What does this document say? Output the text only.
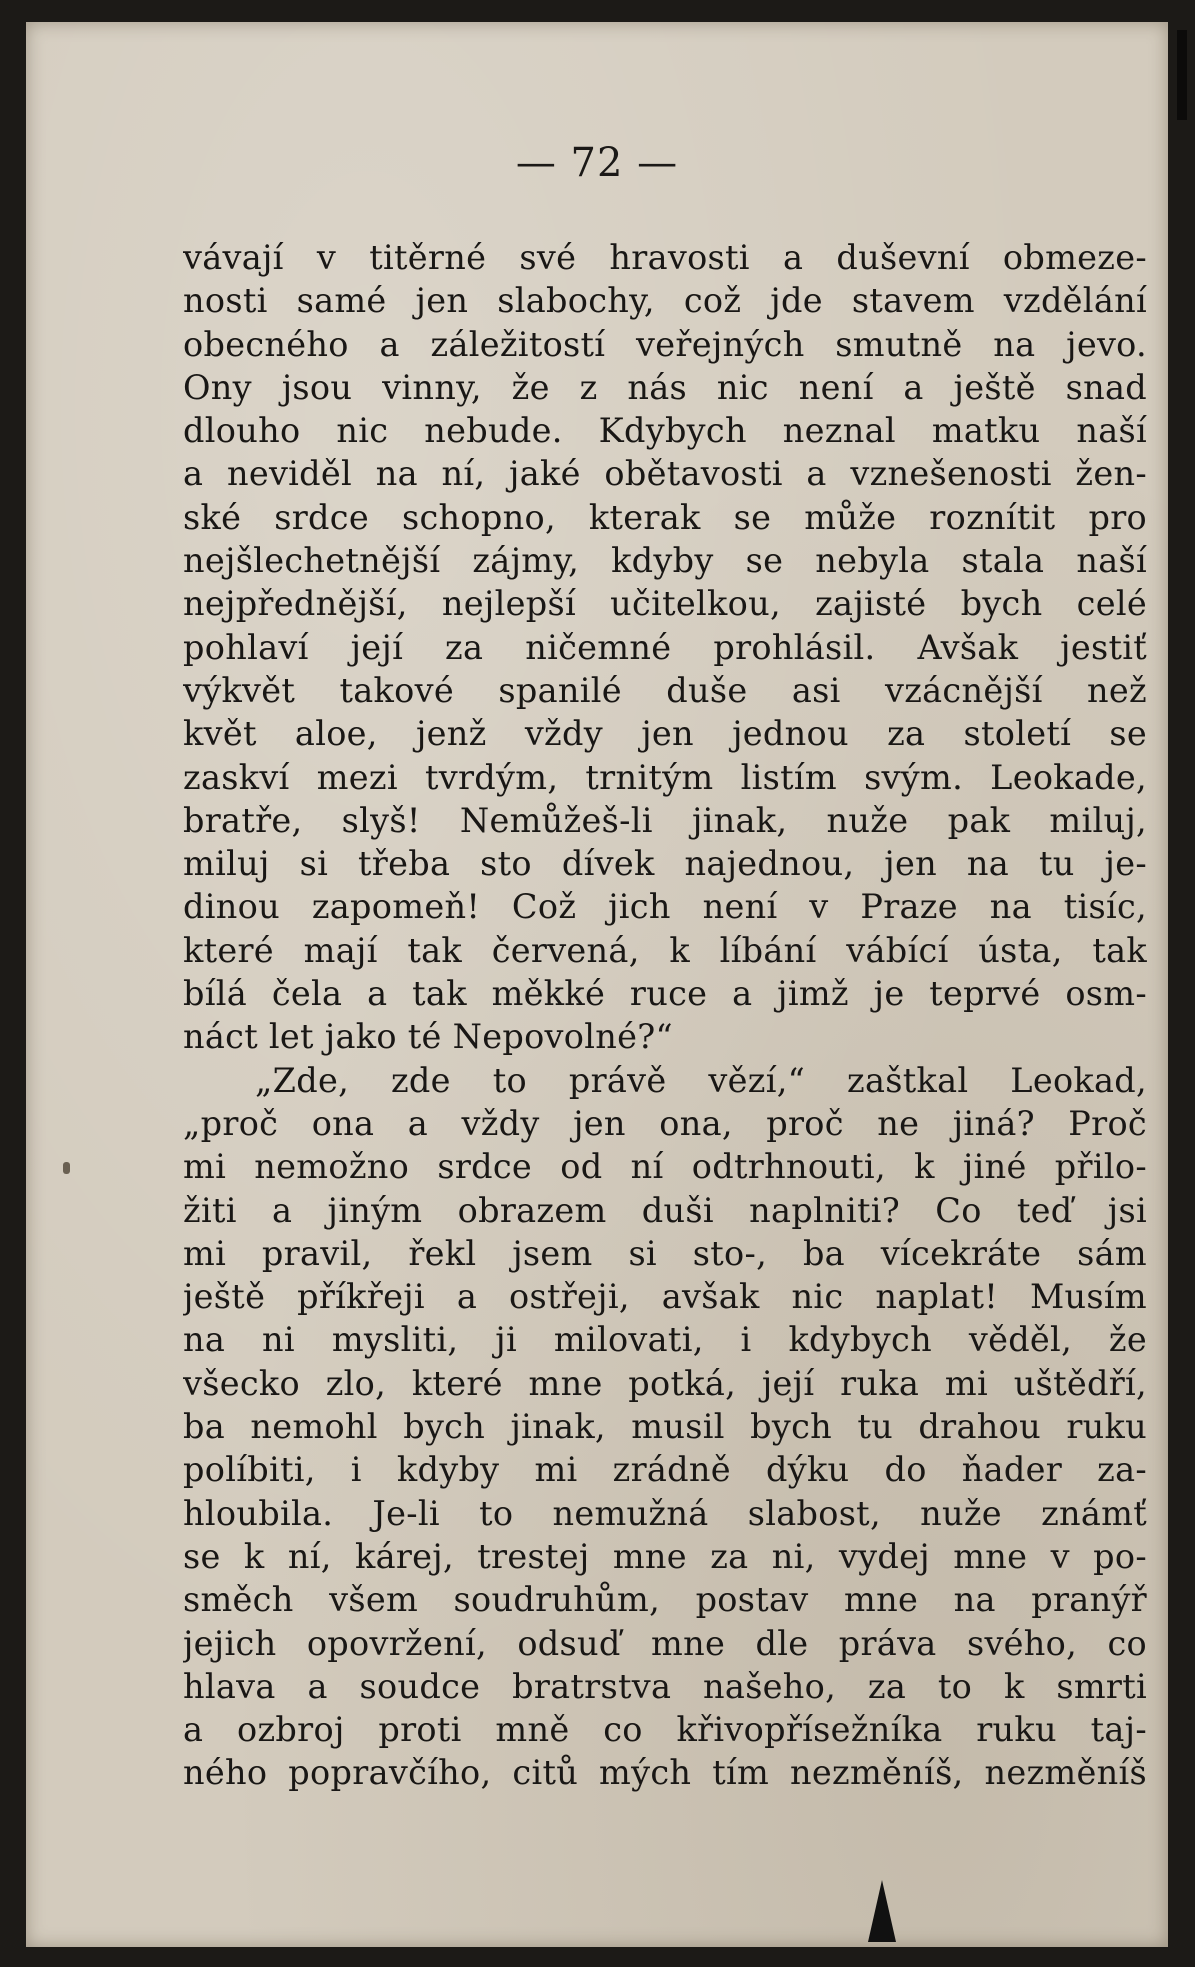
— 72 —
vávají v titěrné své hravosti a duševní obmeze-
nosti samé jen slabochy, což jde stavem vzdělání
obecného a záležitostí veřejných smutně na jevo.
Ony jsou vinny, že z nás nic není a ještě snad
dlouho nic nebude. Kdybych neznal matku naší
a neviděl na ní, jaké obětavosti a vznešenosti žen-
ské srdce schopno, kterak se může roznítit pro
nejšlechetnější zájmy, kdyby se nebyla stala naší
nejpřednější, nejlepší učitelkou, zajisté bych celé
pohlaví její za ničemné prohlásil. Avšak jestiť
výkvět takové spanilé duše asi vzácnější než
květ aloe, jenž vždy jen jednou za století se
zaskví mezi tvrdým, trnitým listím svým. Leokade,
bratře, slyš! Nemůžeš-li jinak, nuže pak miluj,
miluj si třeba sto dívek najednou, jen na tu je-
dinou zapomeň! Což jich není v Praze na tisíc,
které mají tak červená, k líbání vábící ústa, tak
bílá čela a tak měkké ruce a jimž je teprvé osm-
náct let jako té Nepovolné?“
„Zde, zde to právě vězí,“ zaštkal Leokad,
„proč ona a vždy jen ona, proč ne jiná? Proč
mi nemožno srdce od ní odtrhnouti, k jiné přilo-
žiti a jiným obrazem duši naplniti? Co teď jsi
mi pravil, řekl jsem si sto-, ba vícekráte sám
ještě příkřeji a ostřeji, avšak nic naplat! Musím
na ni mysliti, ji milovati, i kdybych věděl, že
všecko zlo, které mne potká, její ruka mi uštědří,
ba nemohl bych jinak, musil bych tu drahou ruku
políbiti, i kdyby mi zrádně dýku do ňader za-
hloubila. Je-li to nemužná slabost, nuže známť
se k ní, kárej, trestej mne za ni, vydej mne v po-
směch všem soudruhům, postav mne na pranýř
jejich opovržení, odsuď mne dle práva svého, co
hlava a soudce bratrstva našeho, za to k smrti
a ozbroj proti mně co křivopřísežníka ruku taj-
ného popravčího, citů mých tím nezměníš, nezměníš
